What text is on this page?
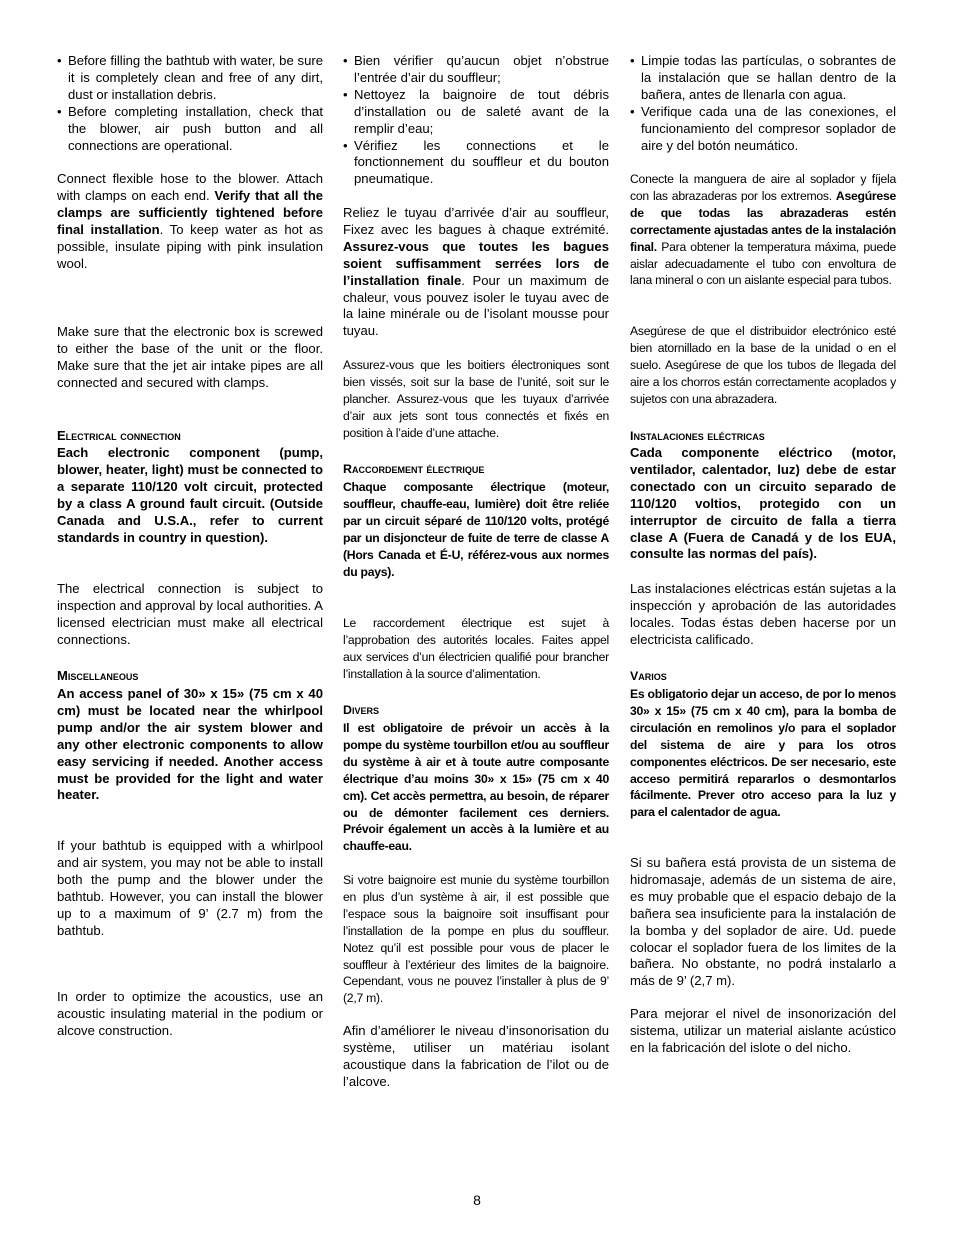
• Before filling the bathtub with water, be sure it is completely clean and free of any dirt, dust or installation debris.
• Before completing installation, check that the blower, air push button and all connections are operational.

Connect flexible hose to the blower. Attach with clamps on each end. Verify that all the clamps are sufficiently tightened before final installation. To keep water as hot as possible, insulate piping with pink insulation wool.

Make sure that the electronic box is screwed to either the base of the unit or the floor. Make sure that the jet air intake pipes are all connected and secured with clamps.

Electrical connection

Each electronic component (pump, blower, heater, light) must be connected to a separate 110/120 volt circuit, protected by a class A ground fault circuit. (Outside Canada and U.S.A., refer to current standards in country in question).

The electrical connection is subject to inspection and approval by local authorities. A licensed electrician must make all electrical connections.

Miscellaneous

An access panel of 30» x 15» (75 cm x 40 cm) must be located near the whirlpool pump and/or the air system blower and any other electronic components to allow easy servicing if needed. Another access must be provided for the light and water heater.

If your bathtub is equipped with a whirlpool and air system, you may not be able to install both the pump and the blower under the bathtub. However, you can install the blower up to a maximum of 9’ (2.7 m) from the bathtub.

In order to optimize the acoustics, use an acoustic insulating material in the podium or alcove construction.

• Bien vérifier qu’aucun objet n’obstrue l’entrée d’air du souffleur;
• Nettoyez la baignoire de tout débris d’installation ou de saleté avant de la remplir d’eau;
• Vérifiez les connections et le fonctionnement du souffleur et du bouton pneumatique.

Reliez le tuyau d’arrivée d’air au souffleur, Fixez avec les bagues à chaque extrémité. Assurez-vous que toutes les bagues soient suffisamment serrées lors de l’installation finale. Pour un maximum de chaleur, vous pouvez isoler le tuyau avec de la laine minérale ou de l’isolant mousse pour tuyau.

Assurez-vous que les boitiers électroniques sont bien vissés, soit sur la base de l’unité, soit sur le plancher. Assurez-vous que les tuyaux d’arrivée d’air aux jets sont tous connectés et fixés en position à l’aide d’une attache.

Raccordement électrique

Chaque composante électrique (moteur, souffleur, chauffe-eau, lumière) doit être reliée par un circuit séparé de 110/120 volts, protégé par un disjoncteur de fuite de terre de classe A (Hors Canada et É-U, référez-vous aux normes du pays).

Le raccordement électrique est sujet à l’approbation des autorités locales. Faites appel aux services d’un électricien qualifié pour brancher l’installation à la source d’alimentation.

Divers

Il est obligatoire de prévoir un accès à la pompe du système tourbillon et/ou au souffleur du système à air et à toute autre composante électrique d’au moins 30» x 15» (75 cm x 40 cm). Cet accès permettra, au besoin, de réparer ou de démonter facilement ces derniers. Prévoir également un accès à la lumière et au chauffe-eau.

Si votre baignoire est munie du système tourbillon en plus d’un système à air, il est possible que l’espace sous la baignoire soit insuffisant pour l’installation de la pompe en plus du souffleur. Notez qu’il est possible pour vous de placer le souffleur à l’extérieur des limites de la baignoire. Cependant, vous ne pouvez l’installer à plus de 9’ (2,7 m).

Afin d’améliorer le niveau d’insonorisation du système, utiliser un matériau isolant acoustique dans la fabrication de l’ilot ou de l’alcove.

• Limpie todas las partículas, o sobrantes de la instalación que se hallan dentro de la bañera, antes de llenarla con agua.
• Verifique cada una de las conexiones, el funcionamiento del compresor soplador de aire y del botón neumático.

Conecte la manguera de aire al soplador y fíjela con las abrazaderas por los extremos. Asegúrese de que todas las abrazaderas estén correctamente ajustadas antes de la instalación final. Para obtener la temperatura máxima, puede aislar adecuadamente el tubo con envoltura de lana mineral o con un aislante especial para tubos.

Asegúrese de que el distribuidor electrónico esté bien atornillado en la base de la unidad o en el suelo. Asegúrese de que los tubos de llegada del aire a los chorros están correctamente acoplados y sujetos con una abrazadera.

Instalaciones eléctricas

Cada componente eléctrico (motor, ventilador, calentador, luz) debe de estar conectado con un circuito separado de 110/120 voltios, protegido con un interruptor de circuito de falla a tierra clase A (Fuera de Canadá y de los EUA, consulte las normas del país).

Las instalaciones eléctricas están sujetas a la inspección y aprobación de las autoridades locales. Todas éstas deben hacerse por un electricista calificado.

Varios

Es obligatorio dejar un acceso, de por lo menos 30» x 15» (75 cm x 40 cm), para la bomba de circulación en remolinos y/o para el soplador del sistema de aire y para los otros componentes eléctricos. De ser necesario, este acceso permitirá repararlos o desmontarlos fácilmente. Prever otro acceso para la luz y para el calentador de agua.

Si su bañera está provista de un sistema de hidromasaje, además de un sistema de aire, es muy probable que el espacio debajo de la bañera sea insuficiente para la instalación de la bomba y del soplador de aire. Ud. puede colocar el soplador fuera de los limites de la bañera. No obstante, no podrá instalarlo a más de 9’ (2,7 m).

Para mejorar el nivel de insonorización del sistema, utilizar un material aislante acústico en la fabricación del islote o del nicho.

8
